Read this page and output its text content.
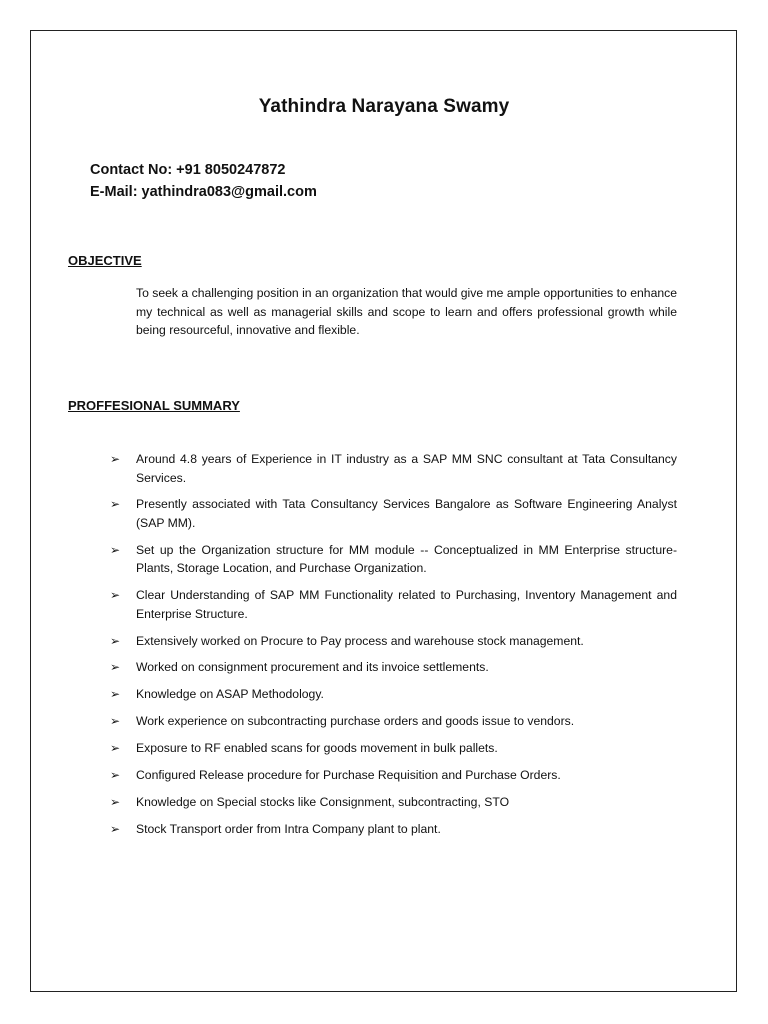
Yathindra Narayana Swamy
Contact No: +91 8050247872
E-Mail: yathindra083@gmail.com
OBJECTIVE
To seek a challenging position in an organization that would give me ample opportunities to enhance my technical as well as managerial skills and scope to learn and offers professional growth while being resourceful, innovative and flexible.
PROFFESIONAL SUMMARY
➢	Around 4.8 years of Experience in IT industry as a SAP MM SNC consultant at Tata Consultancy Services.
➢	Presently associated with Tata Consultancy Services Bangalore as Software Engineering Analyst (SAP MM).
➢	Set up the Organization structure for MM module -- Conceptualized in MM Enterprise structure- Plants, Storage Location, and Purchase Organization.
➢	Clear Understanding of SAP MM Functionality related to Purchasing, Inventory Management and Enterprise Structure.
➢	Extensively worked on Procure to Pay process and warehouse stock management.
➢	Worked on consignment procurement and its invoice settlements.
➢	Knowledge on ASAP Methodology.
➢	Work experience on subcontracting purchase orders and goods issue to vendors.
➢	Exposure to RF enabled scans for goods movement in bulk pallets.
➢	Configured Release procedure for Purchase Requisition and Purchase Orders.
➢	Knowledge on Special stocks like Consignment, subcontracting, STO
➢	Stock Transport order from Intra Company plant to plant.
